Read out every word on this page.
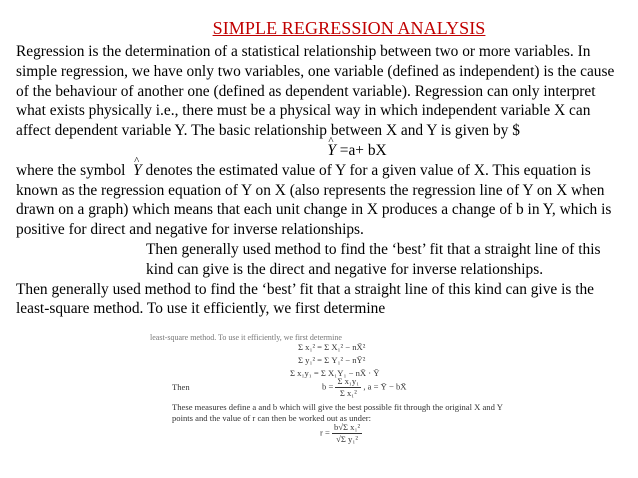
SIMPLE REGRESSION ANALYSIS

Regression is the determination of a statistical relationship between two or more variables. In simple regression, we have only two variables, one variable (defined as independent) is the cause of the behaviour of another one (defined as dependent variable). Regression can only interpret what exists physically i.e., there must be a physical way in which independent variable X can affect dependent variable Y. The basic relationship between X and Y is given by $

^ Y =a+ bX

where the symbol  ^ Y denotes the estimated value of Y for a given value of X. This equation is known as the regression equation of Y on X (also represents the regression line of Y on X when drawn on a graph) which means that each unit change in X produces a change of b in Y, which is positive for direct and negative for inverse relationships.

Then generally used method to find the ‘best’ fit that a straight line of this kind can give is the direct and negative for inverse relationships.

Then generally used method to find the ‘best’ fit that a straight line of this kind can give is the least-square method. To use it efficiently, we first determine

least-square method. To use it efficiently, we first determine
Σ x₁² = Σ X₁² − nX̄²
Σ y₁² = Σ Y₁² − nȲ²
Σ x₁y₁ = Σ X₁Y₁ − nX̄ · Ȳ
Then	$b = \frac{\text{Σ x₁y₁}}{\text{Σ x₁²}}$ , a = Ȳ − bX̄
These measures define a and b which will give the best possible fit through the original X and Y points and the value of r can then be worked out as under:
$r = \frac{\text{b√Σ x₁²}}{\text{√Σ y₁²}}$
